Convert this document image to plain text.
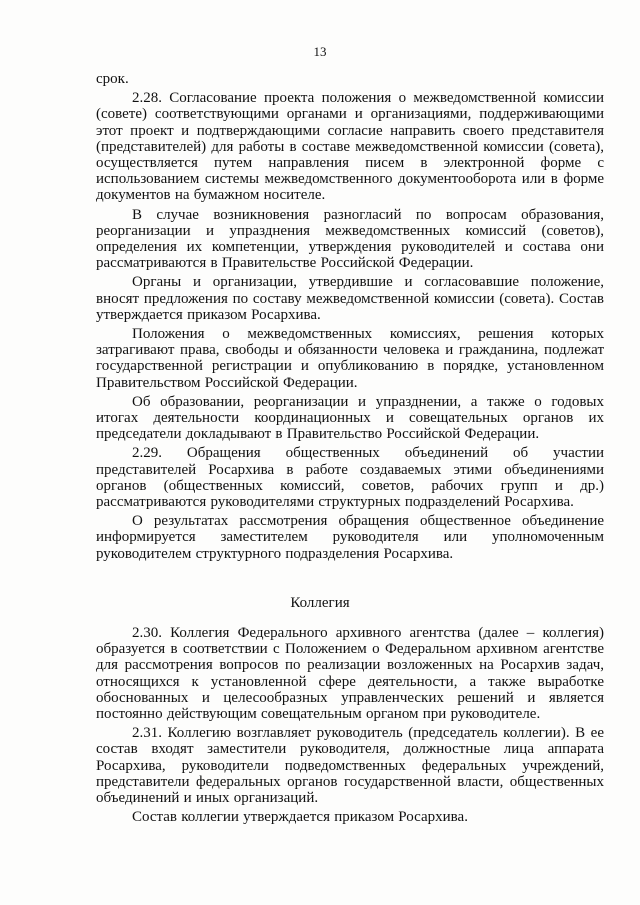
13

срок.

2.28. Согласование проекта положения о межведомственной комиссии (совете) соответствующими органами и организациями, поддерживающими этот проект и подтверждающими согласие направить своего представителя (представителей) для работы в составе межведомственной комиссии (совета), осуществляется путем направления писем в электронной форме с использованием системы межведомственного документооборота или в форме документов на бумажном носителе.

В случае возникновения разногласий по вопросам образования, реорганизации и упразднения межведомственных комиссий (советов), определения их компетенции, утверждения руководителей и состава они рассматриваются в Правительстве Российской Федерации.

Органы и организации, утвердившие и согласовавшие положение, вносят предложения по составу межведомственной комиссии (совета). Состав утверждается приказом Росархива.

Положения о межведомственных комиссиях, решения которых затрагивают права, свободы и обязанности человека и гражданина, подлежат государственной регистрации и опубликованию в порядке, установленном Правительством Российской Федерации.

Об образовании, реорганизации и упразднении, а также о годовых итогах деятельности координационных и совещательных органов их председатели докладывают в Правительство Российской Федерации.

2.29. Обращения общественных объединений об участии представителей Росархива в работе создаваемых этими объединениями органов (общественных комиссий, советов, рабочих групп и др.) рассматриваются руководителями структурных подразделений Росархива.

О результатах рассмотрения обращения общественное объединение информируется заместителем руководителя или уполномоченным руководителем структурного подразделения Росархива.

Коллегия

2.30. Коллегия Федерального архивного агентства (далее – коллегия) образуется в соответствии с Положением о Федеральном архивном агентстве для рассмотрения вопросов по реализации возложенных на Росархив задач, относящихся к установленной сфере деятельности, а также выработке обоснованных и целесообразных управленческих решений и является постоянно действующим совещательным органом при руководителе.

2.31. Коллегию возглавляет руководитель (председатель коллегии). В ее состав входят заместители руководителя, должностные лица аппарата Росархива, руководители подведомственных федеральных учреждений, представители федеральных органов государственной власти, общественных объединений и иных организаций.

Состав коллегии утверждается приказом Росархива.
